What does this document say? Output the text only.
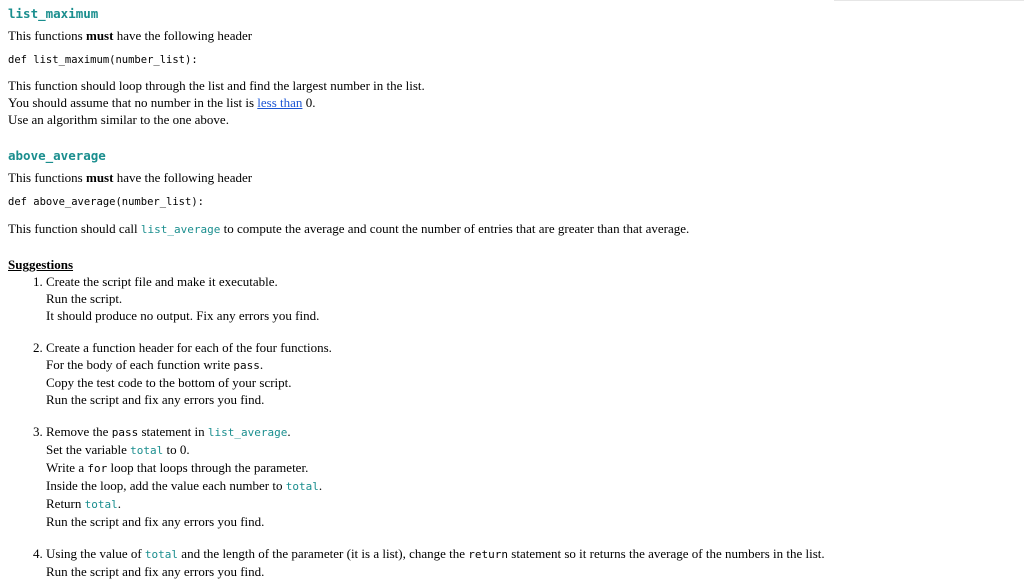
list_maximum
This functions must have the following header
def list_maximum(number_list):
This function should loop through the list and find the largest number in the list.
You should assume that no number in the list is less than 0.
Use an algorithm similar to the one above.
above_average
This functions must have the following header
def above_average(number_list):
This function should call list_average to compute the average and count the number of entries that are greater than that average.
Suggestions
1. Create the script file and make it executable.
Run the script.
It should produce no output. Fix any errors you find.
2. Create a function header for each of the four functions.
For the body of each function write pass.
Copy the test code to the bottom of your script.
Run the script and fix any errors you find.
3. Remove the pass statement in list_average.
Set the variable total to 0.
Write a for loop that loops through the parameter.
Inside the loop, add the value each number to total.
Return total.
Run the script and fix any errors you find.
4. Using the value of total and the length of the parameter (it is a list), change the return statement so it returns the average of the numbers in the list.
Run the script and fix any errors you find.
